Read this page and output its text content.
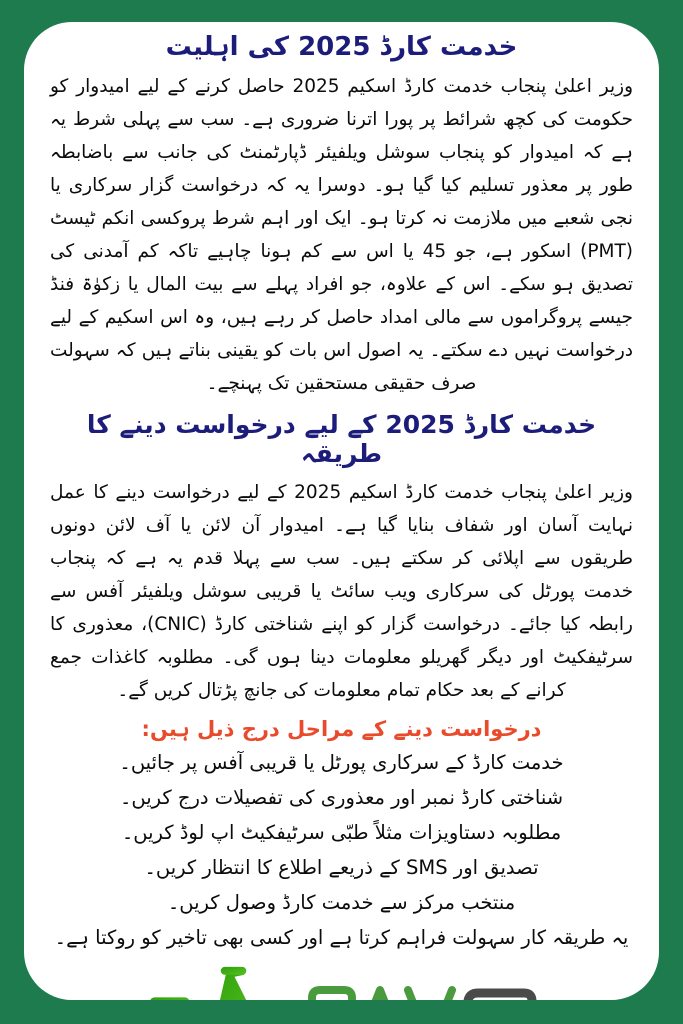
خدمت کارڈ 2025 کی اہلیت

وزیر اعلیٰ پنجاب خدمت کارڈ اسکیم 2025 حاصل کرنے کے لیے امیدوار کو حکومت کی کچھ شرائط پر پورا اترنا ضروری ہے۔ سب سے پہلی شرط یہ ہے کہ امیدوار کو پنجاب سوشل ویلفیئر ڈپارٹمنٹ کی جانب سے باضابطہ طور پر معذور تسلیم کیا گیا ہو۔ دوسرا یہ کہ درخواست گزار سرکاری یا نجی شعبے میں ملازمت نہ کرتا ہو۔ ایک اور اہم شرط پروکسی انکم ٹیسٹ (PMT) اسکور ہے، جو 45 یا اس سے کم ہونا چاہیے تاکہ کم آمدنی کی تصدیق ہو سکے۔ اس کے علاوہ، جو افراد پہلے سے بیت المال یا زکوٰۃ فنڈ جیسے پروگراموں سے مالی امداد حاصل کر رہے ہیں، وہ اس اسکیم کے لیے درخواست نہیں دے سکتے۔ یہ اصول اس بات کو یقینی بناتے ہیں کہ سہولت صرف حقیقی مستحقین تک پہنچے۔

خدمت کارڈ 2025 کے لیے درخواست دینے کا طریقہ

وزیر اعلیٰ پنجاب خدمت کارڈ اسکیم 2025 کے لیے درخواست دینے کا عمل نہایت آسان اور شفاف بنایا گیا ہے۔ امیدوار آن لائن یا آف لائن دونوں طریقوں سے اپلائی کر سکتے ہیں۔ سب سے پہلا قدم یہ ہے کہ پنجاب خدمت پورٹل کی سرکاری ویب سائٹ یا قریبی سوشل ویلفیئر آفس سے رابطہ کیا جائے۔ درخواست گزار کو اپنے شناختی کارڈ (CNIC)، معذوری کا سرٹیفکیٹ اور دیگر گھریلو معلومات دینا ہوں گی۔ مطلوبہ کاغذات جمع کرانے کے بعد حکام تمام معلومات کی جانچ پڑتال کریں گے۔

درخواست دینے کے مراحل درج ذیل ہیں:
خدمت کارڈ کے سرکاری پورٹل یا قریبی آفس پر جائیں۔
شناختی کارڈ نمبر اور معذوری کی تفصیلات درج کریں۔
مطلوبہ دستاویزات مثلاً طبّی سرٹیفکیٹ اپ لوڈ کریں۔
تصدیق اور SMS کے ذریعے اطلاع کا انتظار کریں۔
منتخب مرکز سے خدمت کارڈ وصول کریں۔
یہ طریقہ کار سہولت فراہم کرتا ہے اور کسی بھی تاخیر کو روکتا ہے۔
